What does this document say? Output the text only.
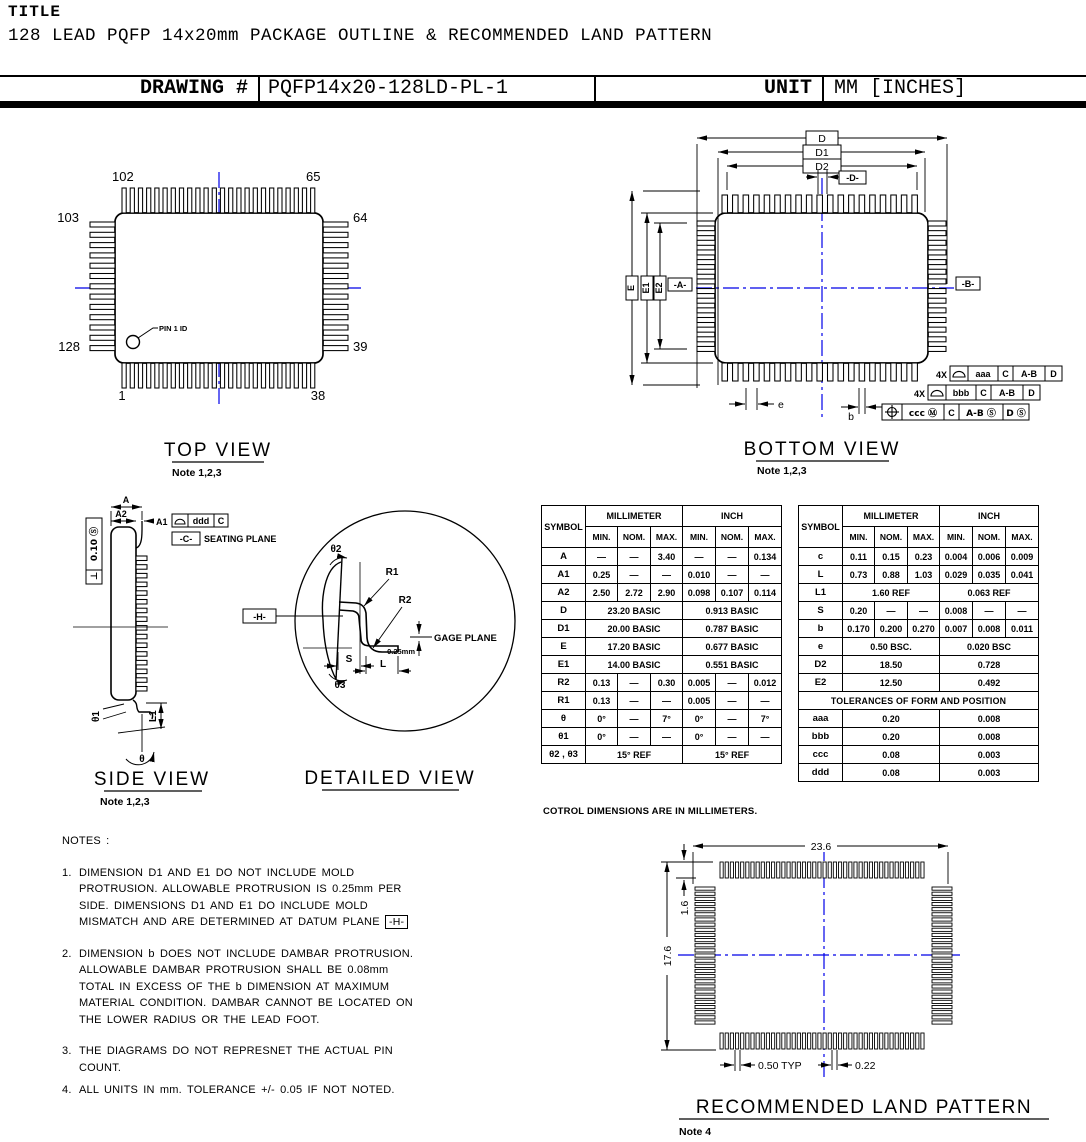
TITLE
128 LEAD PQFP 14x20mm PACKAGE OUTLINE & RECOMMENDED LAND PATTERN
DRAWING # PQFP14x20-128LD-PL-1	UNIT MM [INCHES]
PIN 1 ID
102	65
103	64
128	39
1	38
TOP VIEW
Note 1,2,3
D
D1
D2
-D-
E E1 E2 -A-	-B-
e
b
4X	aaa C A-B D
4X	bbb C A-B D
ccc Ⓜ C A-B Ⓢ D Ⓢ
BOTTOM VIEW
Note 1,2,3
A
A2
A1	ddd C
-C- SEATING PLANE
⊥
0.10 Ⓢ
θ1	L1
θ
SIDE VIEW
Note 1,2,3
-H-
θ2
θ3
R1
R2
GAGE PLANE
0.25mm
S	L
DETAILED VIEW
23.6
17.6
1.6
0.50 TYP	0.22
RECOMMENDED LAND PATTERN
Note 4
SYMBOL	MILLIMETER			INCH		
	MIN.	NOM.	MAX.	MIN.	NOM.	MAX.
A	—	—	3.40	—	—	0.134
A1	0.25	—	—	0.010	—	—
A2	2.50	2.72	2.90	0.098	0.107	0.114
D	23.20 BASIC			0.913 BASIC		
D1	20.00 BASIC			0.787 BASIC		
E	17.20 BASIC			0.677 BASIC		
E1	14.00 BASIC			0.551 BASIC		
R2	0.13	—	0.30	0.005	—	0.012
R1	0.13	—	—	0.005	—	—
θ	0°	—	7°	0°	—	7°
θ1	0°	—	—	0°	—	—
θ2 , θ3	15° REF			15° REF		
SYMBOL	MILLIMETER			INCH		
	MIN.	NOM.	MAX.	MIN.	NOM.	MAX.
c	0.11	0.15	0.23	0.004	0.006	0.009
L	0.73	0.88	1.03	0.029	0.035	0.041
L1	1.60 REF			0.063 REF		
S	0.20	—	—	0.008	—	—
b	0.170	0.200	0.270	0.007	0.008	0.011
e	0.50 BSC.			0.020 BSC		
D2	18.50			0.728		
E2	12.50			0.492		
TOLERANCES OF FORM AND POSITION						
aaa	0.20			0.008		
bbb	0.20			0.008		
ccc	0.08			0.003		
ddd	0.08			0.003		
COTROL DIMENSIONS ARE IN MILLIMETERS.
NOTES :
1. DIMENSION D1 AND E1 DO NOT INCLUDE MOLD PROTRUSION. ALLOWABLE PROTRUSION IS 0.25mm PER SIDE. DIMENSIONS D1 AND E1 DO INCLUDE MOLD MISMATCH AND ARE DETERMINED AT DATUM PLANE -H-
2. DIMENSION b DOES NOT INCLUDE DAMBAR PROTRUSION. ALLOWABLE DAMBAR PROTRUSION SHALL BE 0.08mm TOTAL IN EXCESS OF THE b DIMENSION AT MAXIMUM MATERIAL CONDITION. DAMBAR CANNOT BE LOCATED ON THE LOWER RADIUS OR THE LEAD FOOT.
3. THE DIAGRAMS DO NOT REPRESNET THE ACTUAL PIN COUNT.
4. ALL UNITS IN mm. TOLERANCE +/- 0.05 IF NOT NOTED.
